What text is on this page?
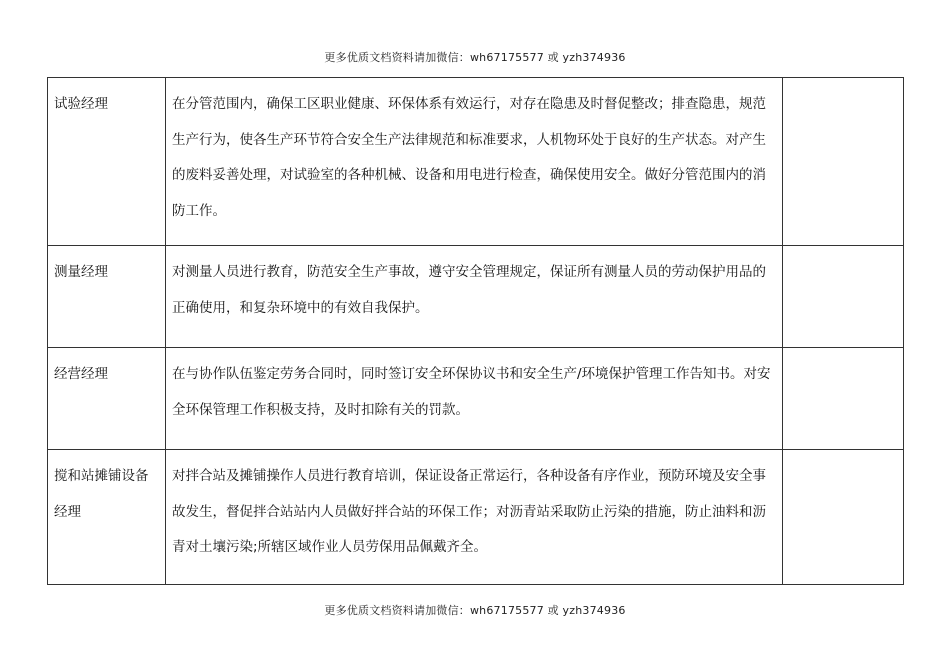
更多优质文档资料请加微信：wh67175577 或 yzh374936
试验经理	在分管范围内，确保工区职业健康、环保体系有效运行，对存在隐患及时督促整改；排查隐患，规范生产行为，使各生产环节符合安全生产法律规范和标准要求，人机物环处于良好的生产状态。对产生的废料妥善处理，对试验室的各种机械、设备和用电进行检查，确保使用安全。做好分管范围内的消防工作。	
测量经理	对测量人员进行教育，防范安全生产事故，遵守安全管理规定，保证所有测量人员的劳动保护用品的正确使用，和复杂环境中的有效自我保护。	
经营经理	在与协作队伍鉴定劳务合同时，同时签订安全环保协议书和安全生产/环境保护管理工作告知书。对安全环保管理工作积极支持，及时扣除有关的罚款。	
搅和站摊铺设备经理	对拌合站及摊铺操作人员进行教育培训，保证设备正常运行，各种设备有序作业，预防环境及安全事故发生，督促拌合站站内人员做好拌合站的环保工作；对沥青站采取防止污染的措施，防止油料和沥青对土壤污染;所辖区域作业人员劳保用品佩戴齐全。	
更多优质文档资料请加微信：wh67175577 或 yzh374936
